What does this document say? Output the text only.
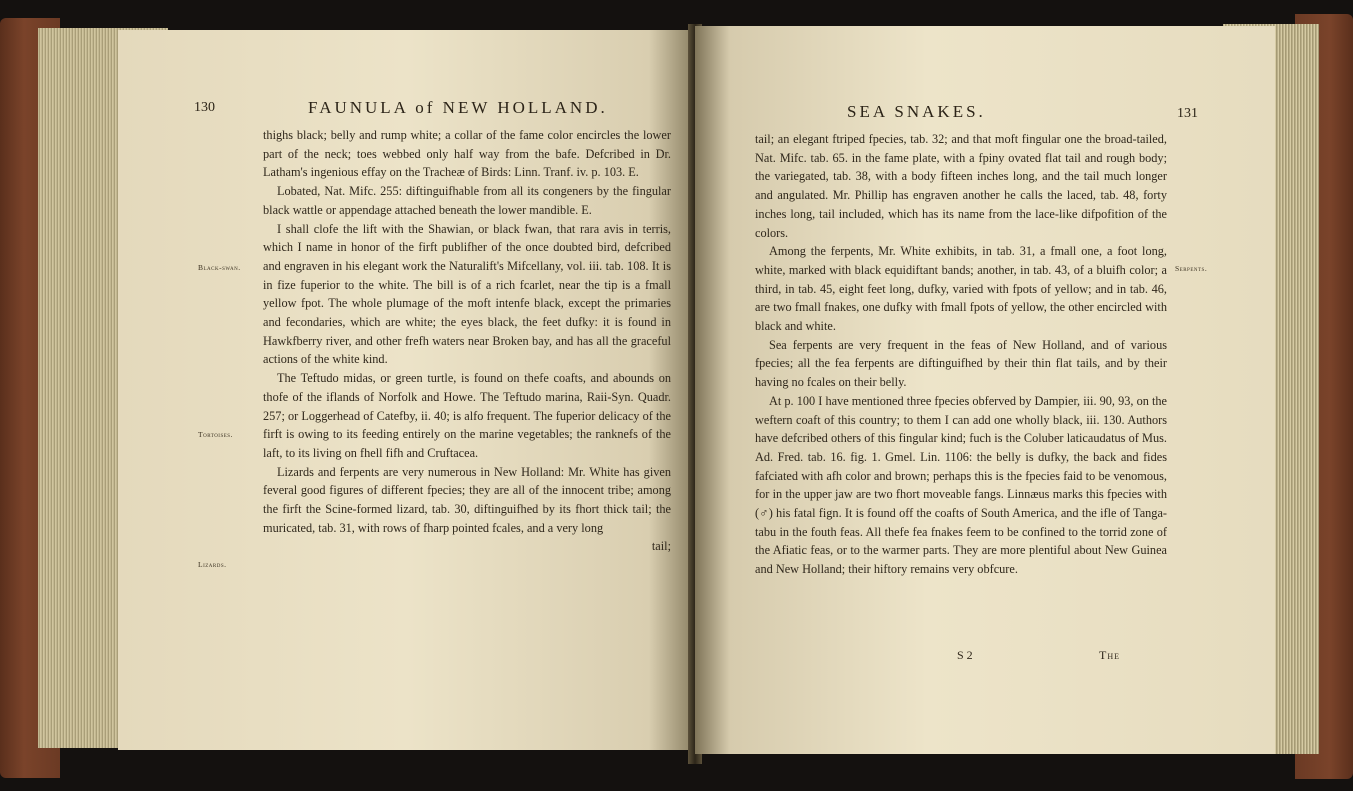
130	FAUNULA of NEW HOLLAND.
Black-swan.
Tortoises.
Lizards.

thighs black; belly and rump white; a collar of the fame color encircles the lower part of the neck; toes webbed only half way from the bafe. Defcribed in Dr. Latham's ingenious effay on the Tracheæ of Birds: Linn. Tranf. iv. p. 103. E.

Lobated, Nat. Mifc. 255: diftinguifhable from all its congeners by the fingular black wattle or appendage attached beneath the lower mandible. E.

I shall clofe the lift with the Shawian, or black fwan, that rara avis in terris, which I name in honor of the firft publifher of the once doubted bird, defcribed and engraven in his elegant work the Naturalift's Mifcellany, vol. iii. tab. 108. It is in fize fuperior to the white. The bill is of a rich fcarlet, near the tip is a fmall yellow fpot. The whole plumage of the moft intenfe black, except the primaries and fecondaries, which are white; the eyes black, the feet dufky: it is found in Hawkfberry river, and other frefh waters near Broken bay, and has all the graceful actions of the white kind.

The Teftudo midas, or green turtle, is found on thefe coafts, and abounds on thofe of the iflands of Norfolk and Howe. The Teftudo marina, Raii-Syn. Quadr. 257; or Loggerhead of Catefby, ii. 40; is alfo frequent. The fuperior delicacy of the firft is owing to its feeding entirely on the marine vegetables; the ranknefs of the laft, to its living on fhell fifh and Cruftacea.

Lizards and ferpents are very numerous in New Holland: Mr. White has given feveral good figures of different fpecies; they are all of the innocent tribe; among the firft the Scine-formed lizard, tab. 30, diftinguifhed by its fhort thick tail; the muricated, tab. 31, with rows of fharp pointed fcales, and a very long

tail;

SEA SNAKES.	131
Serpents.

tail; an elegant ftriped fpecies, tab. 32; and that moft fingular one the broad-tailed, Nat. Mifc. tab. 65. in the fame plate, with a fpiny ovated flat tail and rough body; the variegated, tab. 38, with a body fifteen inches long, and the tail much longer and angulated. Mr. Phillip has engraven another he calls the laced, tab. 48, forty inches long, tail included, which has its name from the lace-like difpofition of the colors.

Among the ferpents, Mr. White exhibits, in tab. 31, a fmall one, a foot long, white, marked with black equidiftant bands; another, in tab. 43, of a bluifh color; a third, in tab. 45, eight feet long, dufky, varied with fpots of yellow; and in tab. 46, are two fmall fnakes, one dufky with fmall fpots of yellow, the other encircled with black and white.

Sea ferpents are very frequent in the feas of New Holland, and of various fpecies; all the fea ferpents are diftinguifhed by their thin flat tails, and by their having no fcales on their belly.

At p. 100 I have mentioned three fpecies obferved by Dampier, iii. 90, 93, on the weftern coaft of this country; to them I can add one wholly black, iii. 130. Authors have defcribed others of this fingular kind; fuch is the Coluber laticaudatus of Mus. Ad. Fred. tab. 16. fig. 1. Gmel. Lin. 1106: the belly is dufky, the back and fides fafciated with afh color and brown; perhaps this is the fpecies faid to be venomous, for in the upper jaw are two fhort moveable fangs. Linnæus marks this fpecies with (♂) his fatal fign. It is found off the coafts of South America, and the ifle of Tanga-tabu in the fouth feas. All thefe fea fnakes feem to be confined to the torrid zone of the Afiatic feas, or to the warmer parts. They are more plentiful about New Guinea and New Holland; their hiftory remains very obfcure.

S 2	The
